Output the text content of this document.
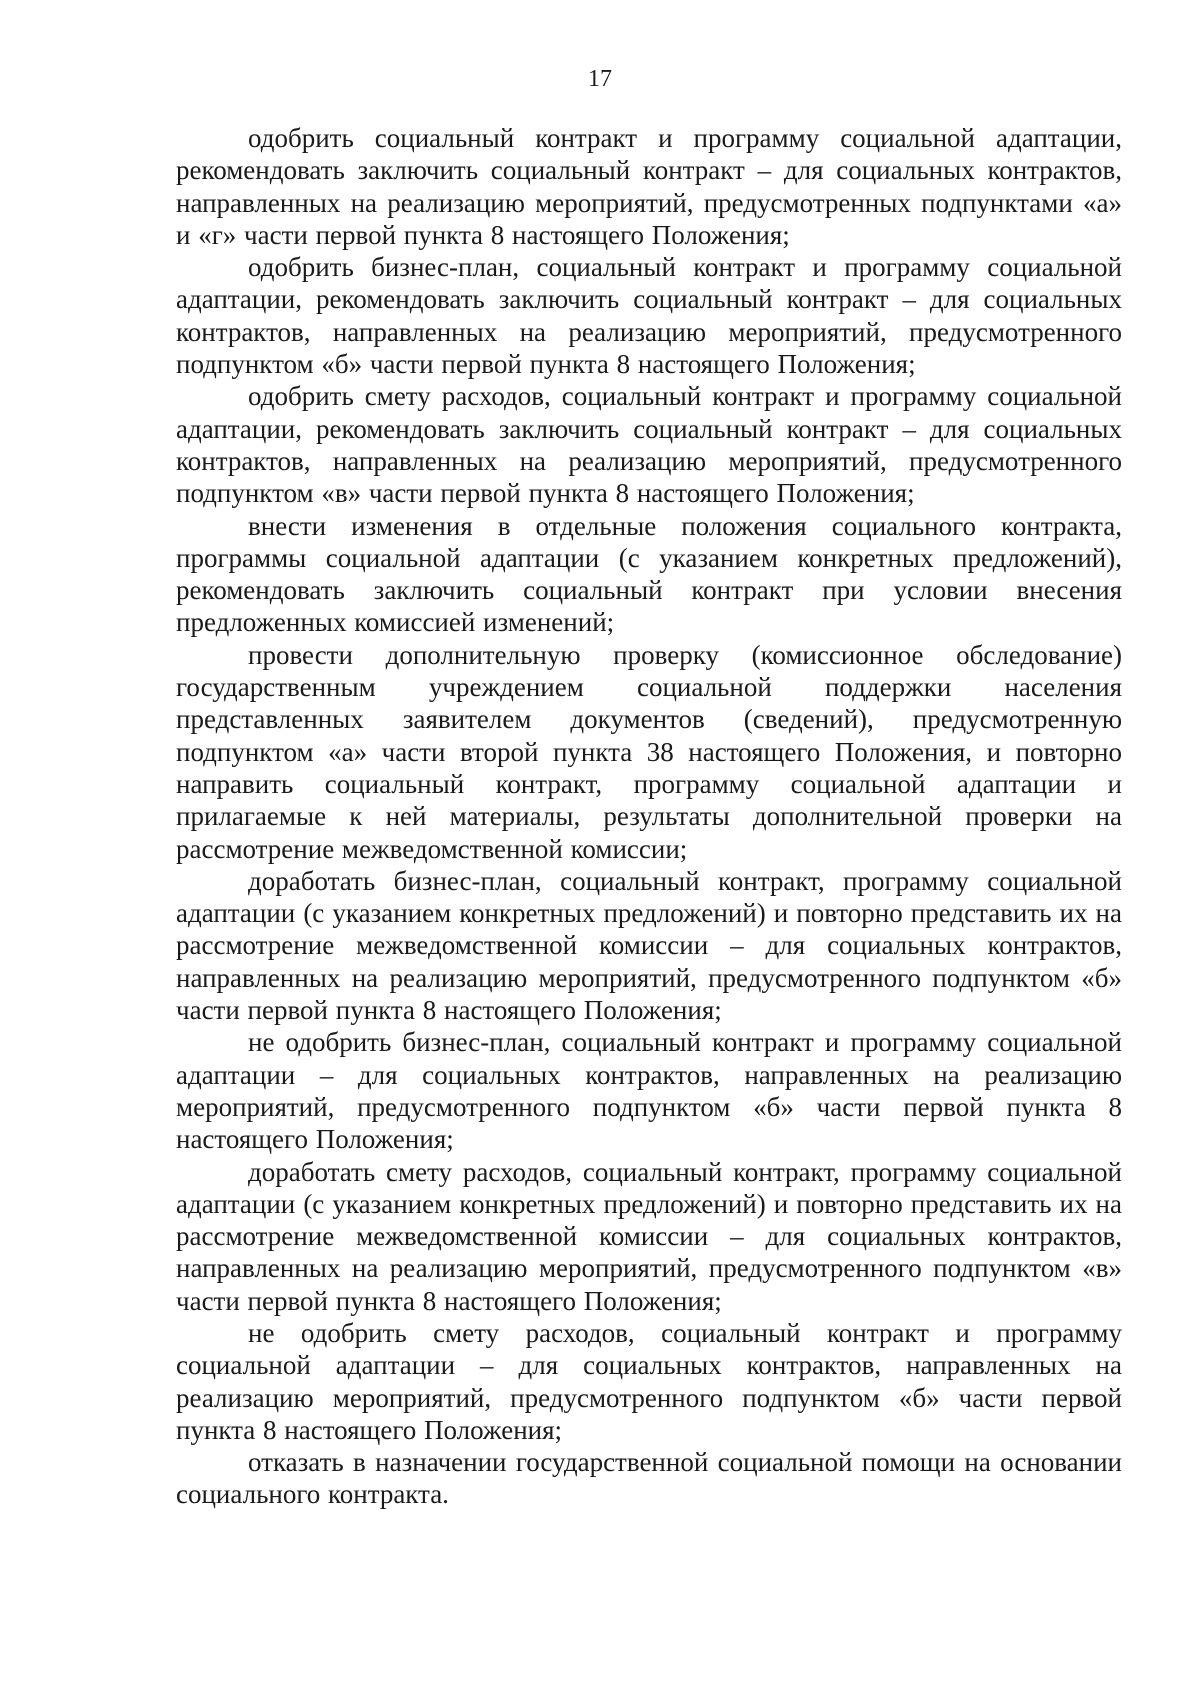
17

одобрить социальный контракт и программу социальной адаптации, рекомендовать заключить социальный контракт – для социальных контрактов, направленных на реализацию мероприятий, предусмотренных подпунктами «а» и «г» части первой пункта 8 настоящего Положения;

одобрить бизнес-план, социальный контракт и программу социальной адаптации, рекомендовать заключить социальный контракт – для социальных контрактов, направленных на реализацию мероприятий, предусмотренного подпунктом «б» части первой пункта 8 настоящего Положения;

одобрить смету расходов, социальный контракт и программу социальной адаптации, рекомендовать заключить социальный контракт – для социальных контрактов, направленных на реализацию мероприятий, предусмотренного подпунктом «в» части первой пункта 8 настоящего Положения;

внести изменения в отдельные положения социального контракта, программы социальной адаптации (с указанием конкретных предложений), рекомендовать заключить социальный контракт при условии внесения предложенных комиссией изменений;

провести дополнительную проверку (комиссионное обследование) государственным учреждением социальной поддержки населения представленных заявителем документов (сведений), предусмотренную подпунктом «а» части второй пункта 38 настоящего Положения, и повторно направить социальный контракт, программу социальной адаптации и прилагаемые к ней материалы, результаты дополнительной проверки на рассмотрение межведомственной комиссии;

доработать бизнес-план, социальный контракт, программу социальной адаптации (с указанием конкретных предложений) и повторно представить их на рассмотрение межведомственной комиссии – для социальных контрактов, направленных на реализацию мероприятий, предусмотренного подпунктом «б» части первой пункта 8 настоящего Положения;

не одобрить бизнес-план, социальный контракт и программу социальной адаптации – для социальных контрактов, направленных на реализацию мероприятий, предусмотренного подпунктом «б» части первой пункта 8 настоящего Положения;

доработать смету расходов, социальный контракт, программу социальной адаптации (с указанием конкретных предложений) и повторно представить их на рассмотрение межведомственной комиссии – для социальных контрактов, направленных на реализацию мероприятий, предусмотренного подпунктом «в» части первой пункта 8 настоящего Положения;

не одобрить смету расходов, социальный контракт и программу социальной адаптации – для социальных контрактов, направленных на реализацию мероприятий, предусмотренного подпунктом «б» части первой пункта 8 настоящего Положения;

отказать в назначении государственной социальной помощи на основании социального контракта.
